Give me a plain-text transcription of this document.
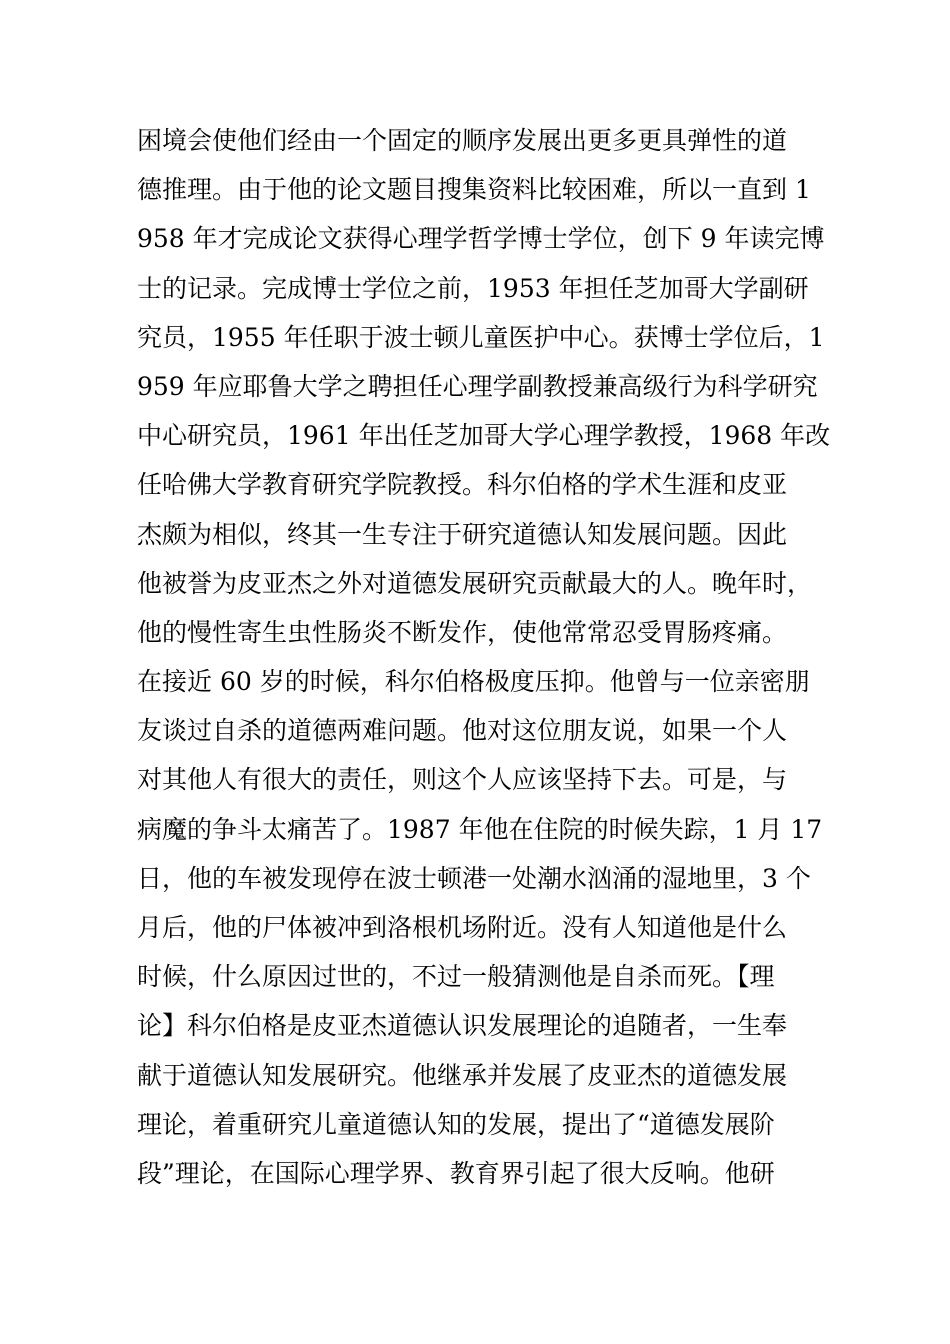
困境会使他们经由一个固定的顺序发展出更多更具弹性的道
德推理。由于他的论文题目搜集资料比较困难，所以一直到 1
958 年才完成论文获得心理学哲学博士学位，创下 9 年读完博
士的记录。完成博士学位之前，1953 年担任芝加哥大学副研
究员，1955 年任职于波士顿儿童医护中心。获博士学位后，1
959 年应耶鲁大学之聘担任心理学副教授兼高级行为科学研究
中心研究员，1961 年出任芝加哥大学心理学教授，1968 年改
任哈佛大学教育研究学院教授。科尔伯格的学术生涯和皮亚
杰颇为相似，终其一生专注于研究道德认知发展问题。因此
他被誉为皮亚杰之外对道德发展研究贡献最大的人。晚年时，
他的慢性寄生虫性肠炎不断发作，使他常常忍受胃肠疼痛。
在接近 60 岁的时候，科尔伯格极度压抑。他曾与一位亲密朋
友谈过自杀的道德两难问题。他对这位朋友说，如果一个人
对其他人有很大的责任，则这个人应该坚持下去。可是，与
病魔的争斗太痛苦了。1987 年他在住院的时候失踪，1 月 17
日，他的车被发现停在波士顿港一处潮水汹涌的湿地里，3 个
月后，他的尸体被冲到洛根机场附近。没有人知道他是什么
时候，什么原因过世的，不过一般猜测他是自杀而死。【理
论】科尔伯格是皮亚杰道德认识发展理论的追随者，一生奉
献于道德认知发展研究。他继承并发展了皮亚杰的道德发展
理论，着重研究儿童道德认知的发展，提出了“道德发展阶
段”理论，在国际心理学界、教育界引起了很大反响。他研
